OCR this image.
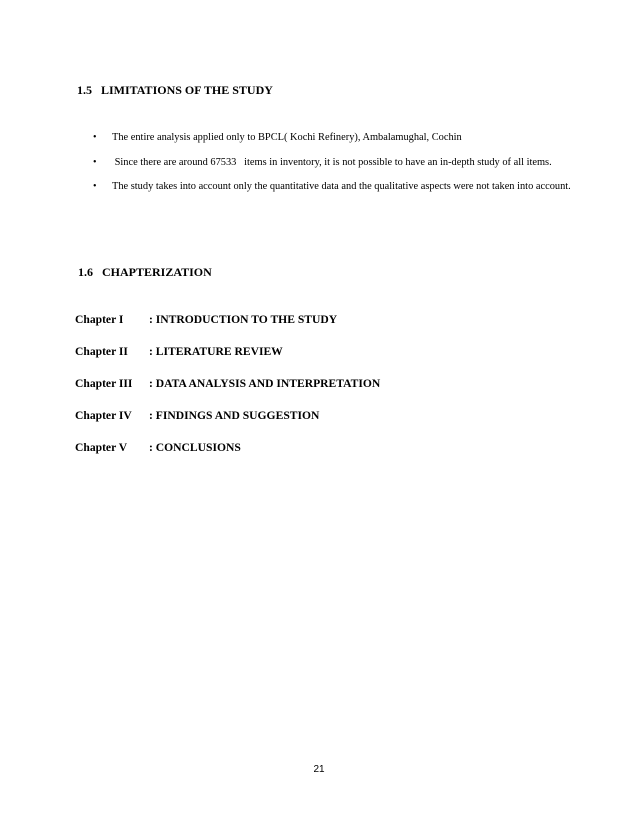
1.5 LIMITATIONS OF THE STUDY
• The entire analysis applied only to BPCL( Kochi Refinery), Ambalamughal, Cochin
• Since there are around 67533   items in inventory, it is not possible to have an in-depth study of all items.
• The study takes into account only the quantitative data and the qualitative aspects were not taken into account.
1.6 CHAPTERIZATION
Chapter I : INTRODUCTION TO THE STUDY
Chapter II : LITERATURE REVIEW
Chapter III : DATA ANALYSIS AND INTERPRETATION
Chapter IV : FINDINGS AND SUGGESTION
Chapter V : CONCLUSIONS
21
